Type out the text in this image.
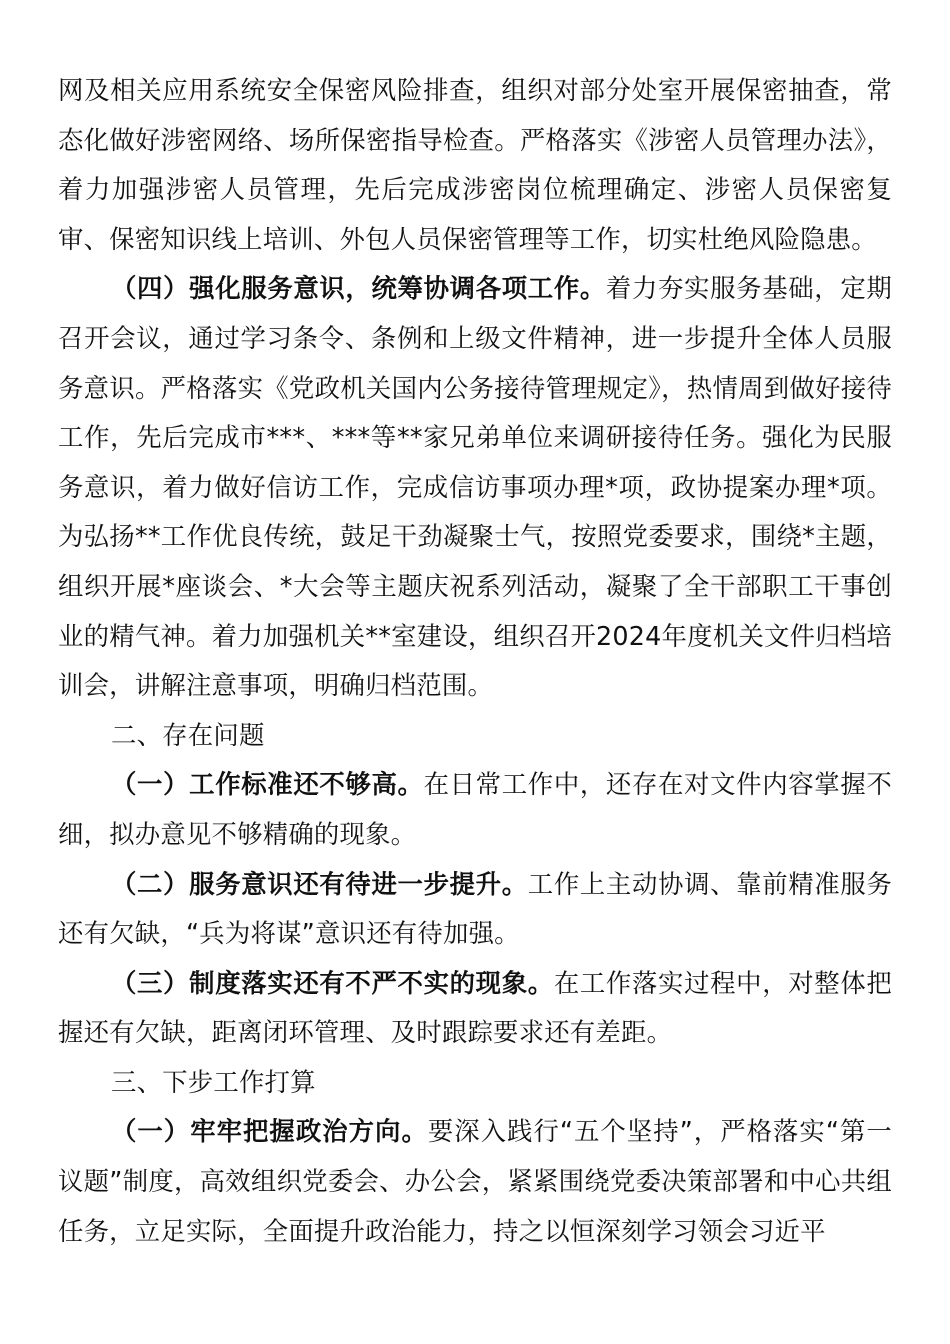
网及相关应用系统安全保密风险排查，组织对部分处室开展保密抽查，常态化做好涉密网络、场所保密指导检查。严格落实《涉密人员管理办法》，着力加强涉密人员管理，先后完成涉密岗位梳理确定、涉密人员保密复审、保密知识线上培训、外包人员保密管理等工作，切实杜绝风险隐患。

（四）强化服务意识，统筹协调各项工作。着力夯实服务基础，定期召开会议，通过学习条令、条例和上级文件精神，进一步提升全体人员服务意识。严格落实《党政机关国内公务接待管理规定》，热情周到做好接待工作，先后完成市***、***等**家兄弟单位来调研接待任务。强化为民服务意识，着力做好信访工作，完成信访事项办理*项，政协提案办理*项。为弘扬**工作优良传统，鼓足干劲凝聚士气，按照党委要求，围绕*主题，组织开展*座谈会、*大会等主题庆祝系列活动，凝聚了全干部职工干事创业的精气神。着力加强机关**室建设，组织召开2024年度机关文件归档培训会，讲解注意事项，明确归档范围。

二、存在问题

（一）工作标准还不够高。在日常工作中，还存在对文件内容掌握不细，拟办意见不够精确的现象。

（二）服务意识还有待进一步提升。工作上主动协调、靠前精准服务还有欠缺，“兵为将谋”意识还有待加强。

（三）制度落实还有不严不实的现象。在工作落实过程中，对整体把握还有欠缺，距离闭环管理、及时跟踪要求还有差距。

三、下步工作打算

（一）牢牢把握政治方向。要深入践行“五个坚持”，严格落实“第一议题”制度，高效组织党委会、办公会，紧紧围绕党委决策部署和中心共组任务，立足实际，全面提升政治能力，持之以恒深刻学习领会习近平
